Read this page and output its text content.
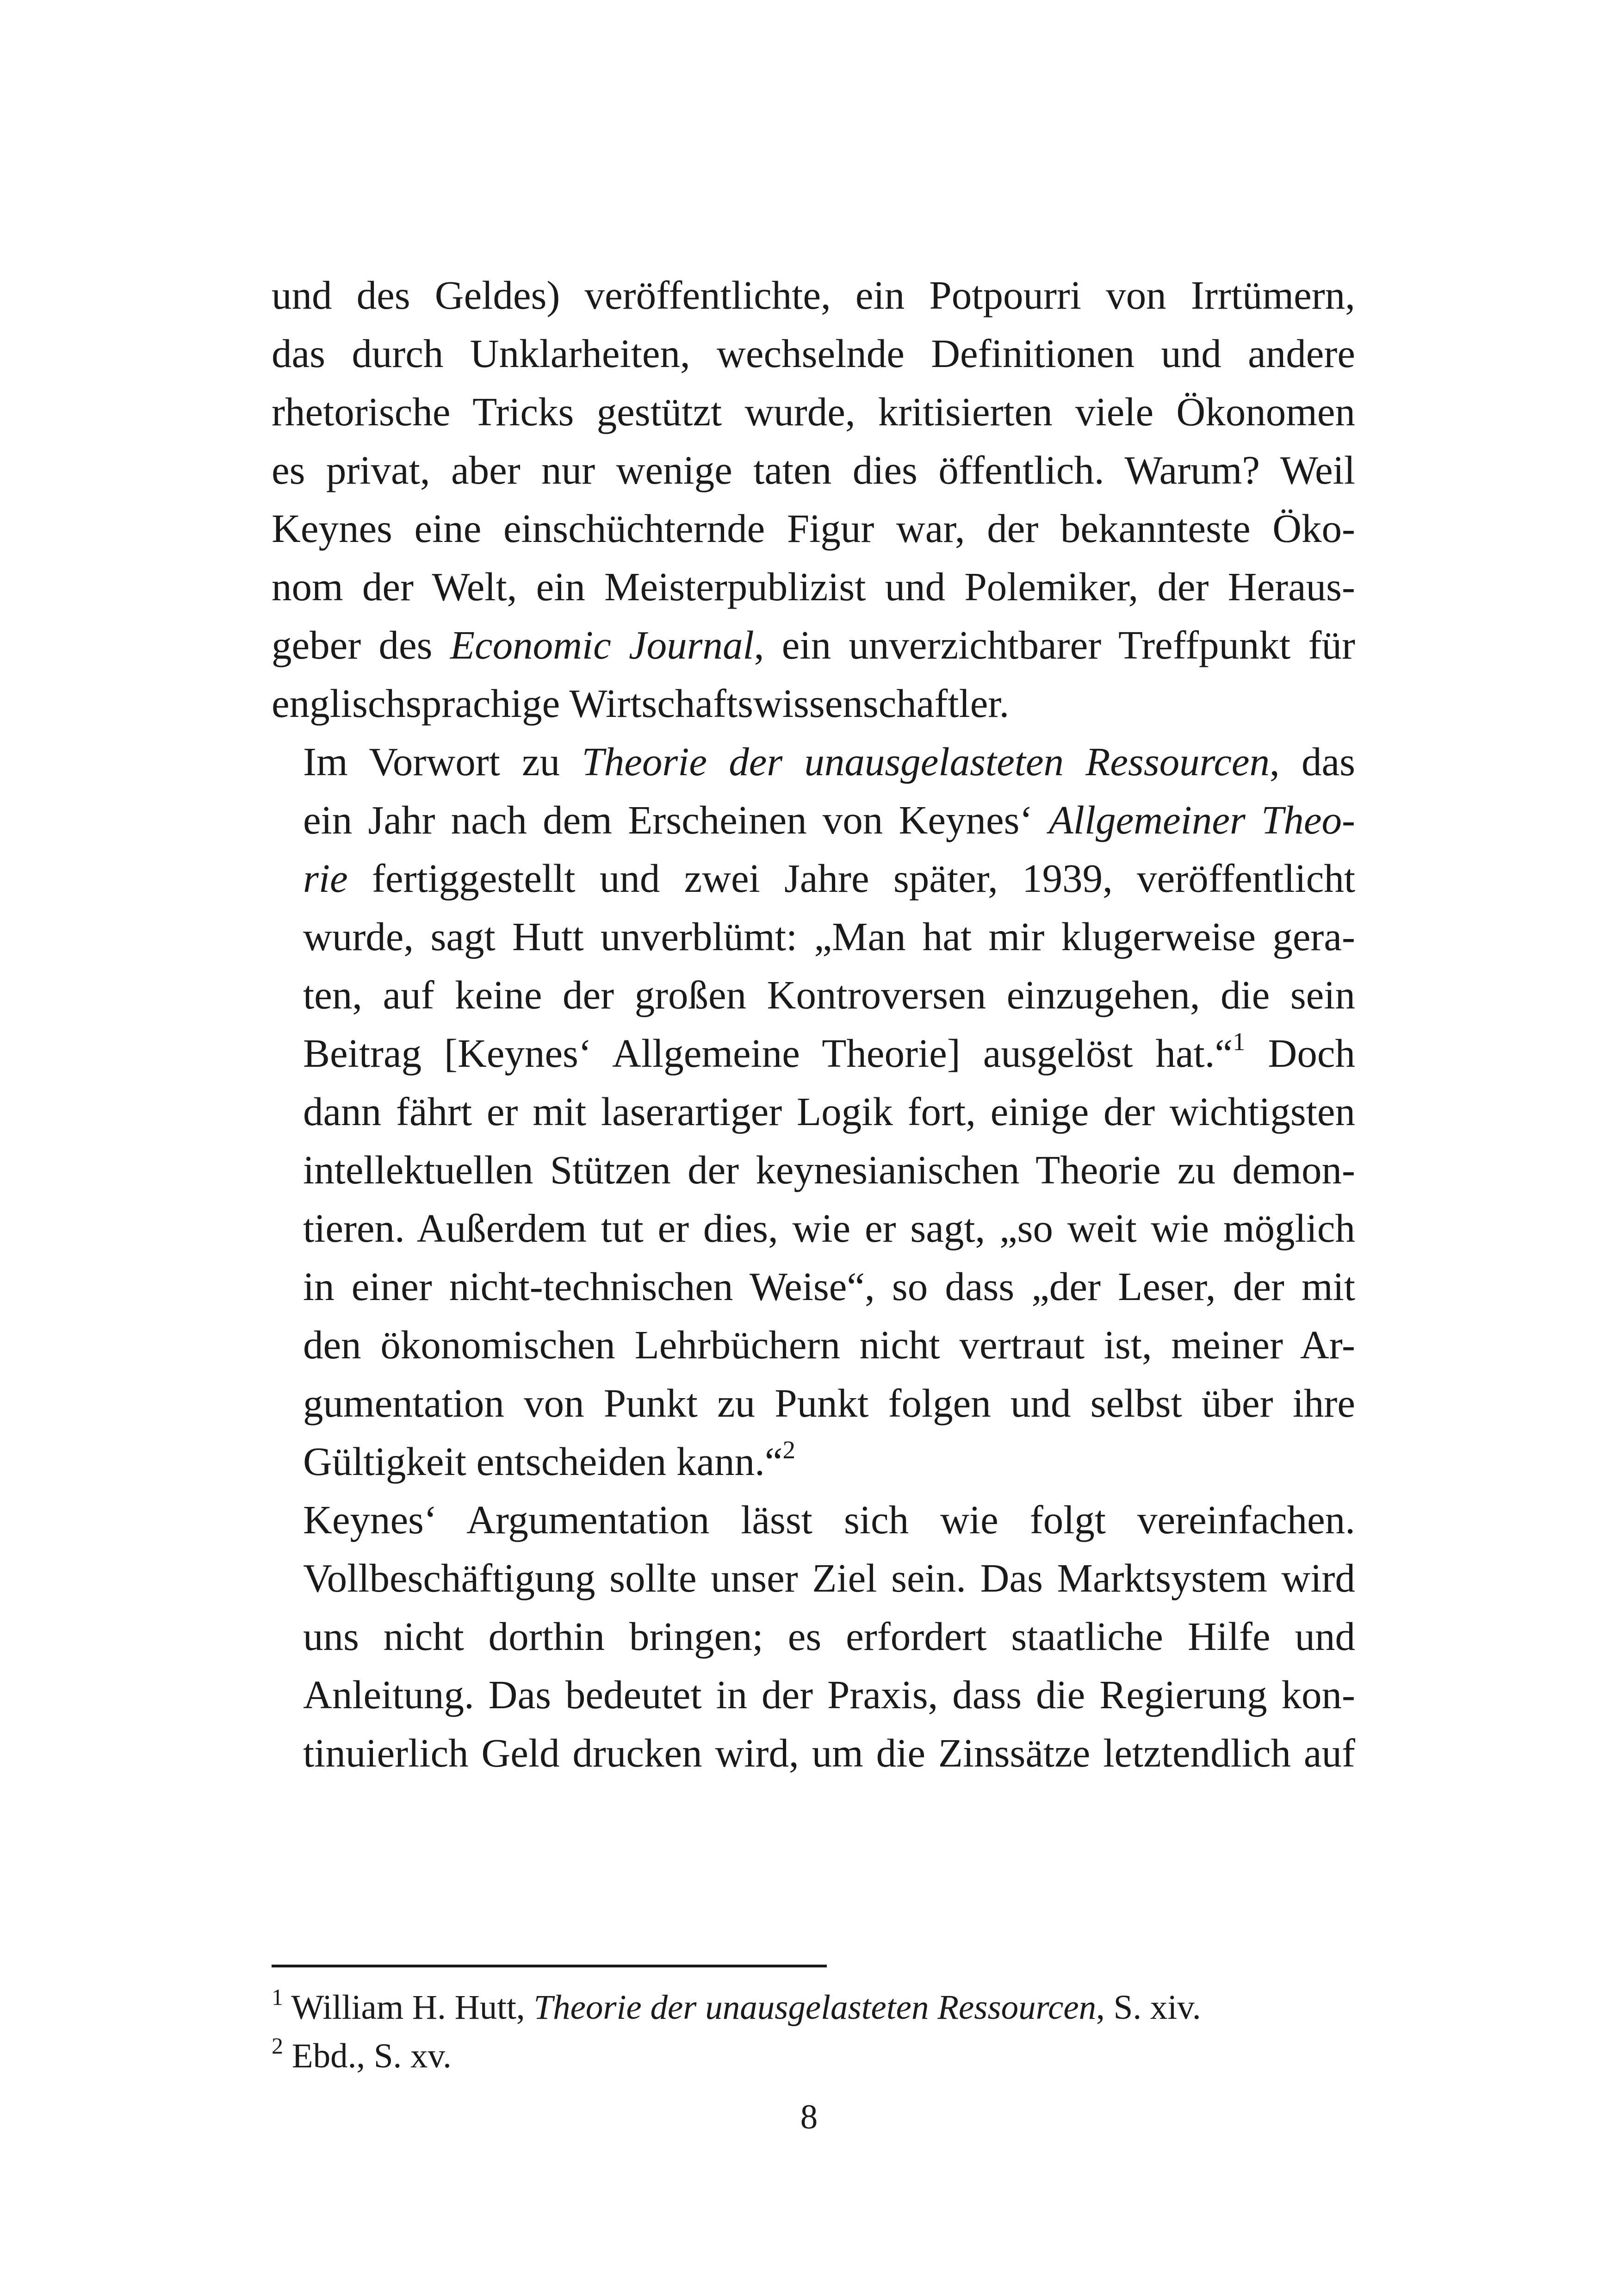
und des Geldes) veröffentlichte, ein Potpourri von Irrtümern,
das durch Unklarheiten, wechselnde Definitionen und andere
rhetorische Tricks gestützt wurde, kritisierten viele Ökonomen
es privat, aber nur wenige taten dies öffentlich. Warum? Weil
Keynes eine einschüchternde Figur war, der bekannteste Öko-
nom der Welt, ein Meisterpublizist und Polemiker, der Heraus-
geber des Economic Journal, ein unverzichtbarer Treffpunkt für
englischsprachige Wirtschaftswissenschaftler.
Im Vorwort zu Theorie der unausgelasteten Ressourcen, das
ein Jahr nach dem Erscheinen von Keynes‘ Allgemeiner Theo-
rie fertiggestellt und zwei Jahre später, 1939, veröffentlicht
wurde, sagt Hutt unverblümt: „Man hat mir klugerweise gera-
ten, auf keine der großen Kontroversen einzugehen, die sein
Beitrag [Keynes‘ Allgemeine Theorie] ausgelöst hat.“$^1$ Doch
dann fährt er mit laserartiger Logik fort, einige der wichtigsten
intellektuellen Stützen der keynesianischen Theorie zu demon-
tieren. Außerdem tut er dies, wie er sagt, „so weit wie möglich
in einer nicht-technischen Weise“, so dass „der Leser, der mit
den ökonomischen Lehrbüchern nicht vertraut ist, meiner Ar-
gumentation von Punkt zu Punkt folgen und selbst über ihre
Gültigkeit entscheiden kann.“$^2$
Keynes‘ Argumentation lässt sich wie folgt vereinfachen.
Vollbeschäftigung sollte unser Ziel sein. Das Marktsystem wird
uns nicht dorthin bringen; es erfordert staatliche Hilfe und
Anleitung. Das bedeutet in der Praxis, dass die Regierung kon-
tinuierlich Geld drucken wird, um die Zinssätze letztendlich auf
$^1$ William H. Hutt, Theorie der unausgelasteten Ressourcen, S. xiv.
$^2$ Ebd., S. xv.
8
